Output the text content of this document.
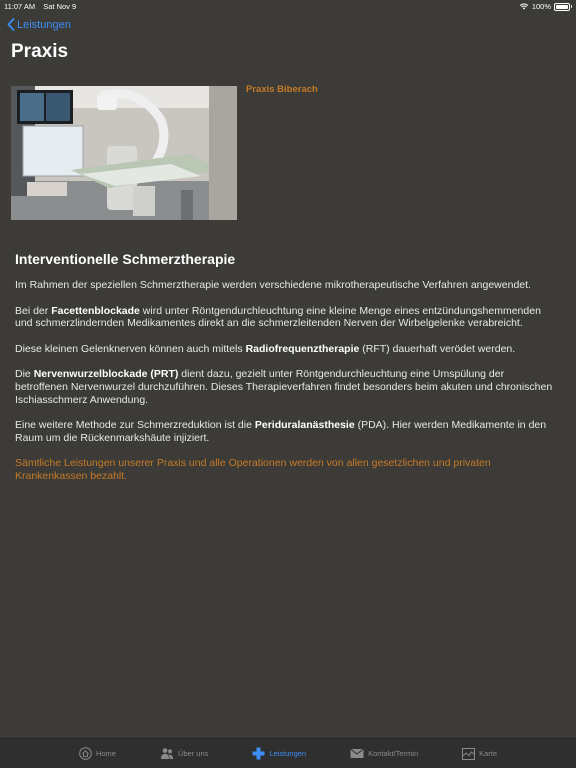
11:07 AM Sat Nov 9	100%
Leistungen
Praxis
Praxis Biberach
Interventionelle Schmerztherapie

Im Rahmen der speziellen Schmerztherapie werden verschiedene mikrotherapeutische Verfahren angewendet.

Bei der Facettenblockade wird unter Röntgendurchleuchtung eine kleine Menge eines entzündungshemmenden und schmerzlindernden Medikamentes direkt an die schmerzleitenden Nerven der Wirbelgelenke verabreicht.

Diese kleinen Gelenknerven können auch mittels Radiofrequenztherapie (RFT) dauerhaft verödet werden.

Die Nervenwurzelblockade (PRT) dient dazu, gezielt unter Röntgendurchleuchtung eine Umspülung der betroffenen Nervenwurzel durchzuführen. Dieses Therapieverfahren findet besonders beim akuten und chronischen Ischiasschmerz Anwendung.

Eine weitere Methode zur Schmerzreduktion ist die Periduralanästhesie (PDA). Hier werden Medikamente in den Raum um die Rückenmarkshäute injiziert.

Sämtliche Leistungen unserer Praxis und alle Operationen werden von allen gesetzlichen und privaten Krankenkassen bezahlt.

Home	Über uns	Leistungen	Kontakt/Termin	Karte
